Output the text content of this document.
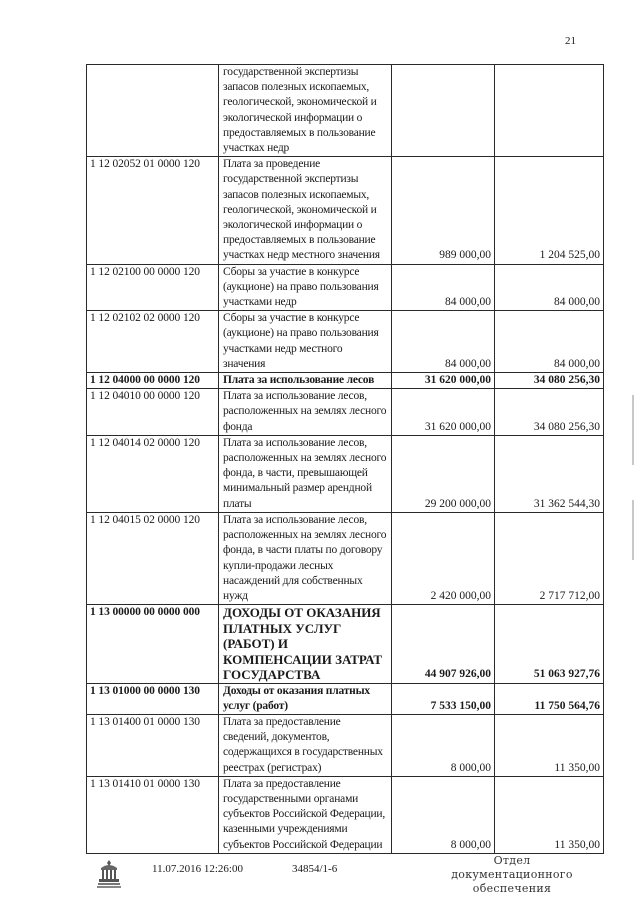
21
	государственной экспертизы запасов полезных ископаемых, геологической, экономической и экологической информации о предоставляемых в пользование участках недр		
1 12 02052 01 0000 120	Плата за проведение государственной экспертизы запасов полезных ископаемых, геологической, экономической и экологической информации о предоставляемых в пользование участках недр местного значения	989 000,00	1 204 525,00
1 12 02100 00 0000 120	Сборы за участие в конкурсе (аукционе) на право пользования участками недр	84 000,00	84 000,00
1 12 02102 02 0000 120	Сборы за участие в конкурсе (аукционе) на право пользования участками недр местного значения	84 000,00	84 000,00
1 12 04000 00 0000 120	Плата за использование лесов	31 620 000,00	34 080 256,30
1 12 04010 00 0000 120	Плата за использование лесов, расположенных на землях лесного фонда	31 620 000,00	34 080 256,30
1 12 04014 02 0000 120	Плата за использование лесов, расположенных на землях лесного фонда, в части, превышающей минимальный размер арендной платы	29 200 000,00	31 362 544,30
1 12 04015 02 0000 120	Плата за использование лесов, расположенных на землях лесного фонда, в части платы по договору купли-продажи лесных насаждений для собственных нужд	2 420 000,00	2 717 712,00
1 13 00000 00 0000 000	ДОХОДЫ ОТ ОКАЗАНИЯ ПЛАТНЫХ УСЛУГ (РАБОТ) И КОМПЕНСАЦИИ ЗАТРАТ ГОСУДАРСТВА	44 907 926,00	51 063 927,76
1 13 01000 00 0000 130	Доходы от оказания платных услуг (работ)	7 533 150,00	11 750 564,76
1 13 01400 01 0000 130	Плата за предоставление сведений, документов, содержащихся в государственных реестрах (регистрах)	8 000,00	11 350,00
1 13 01410 01 0000 130	Плата за предоставление государственными органами субъектов Российской Федерации, казенными учреждениями субъектов Российской Федерации	8 000,00	11 350,00
11.07.2016 12:26:00	34854/1-6
Отдел документационного
обеспечения
